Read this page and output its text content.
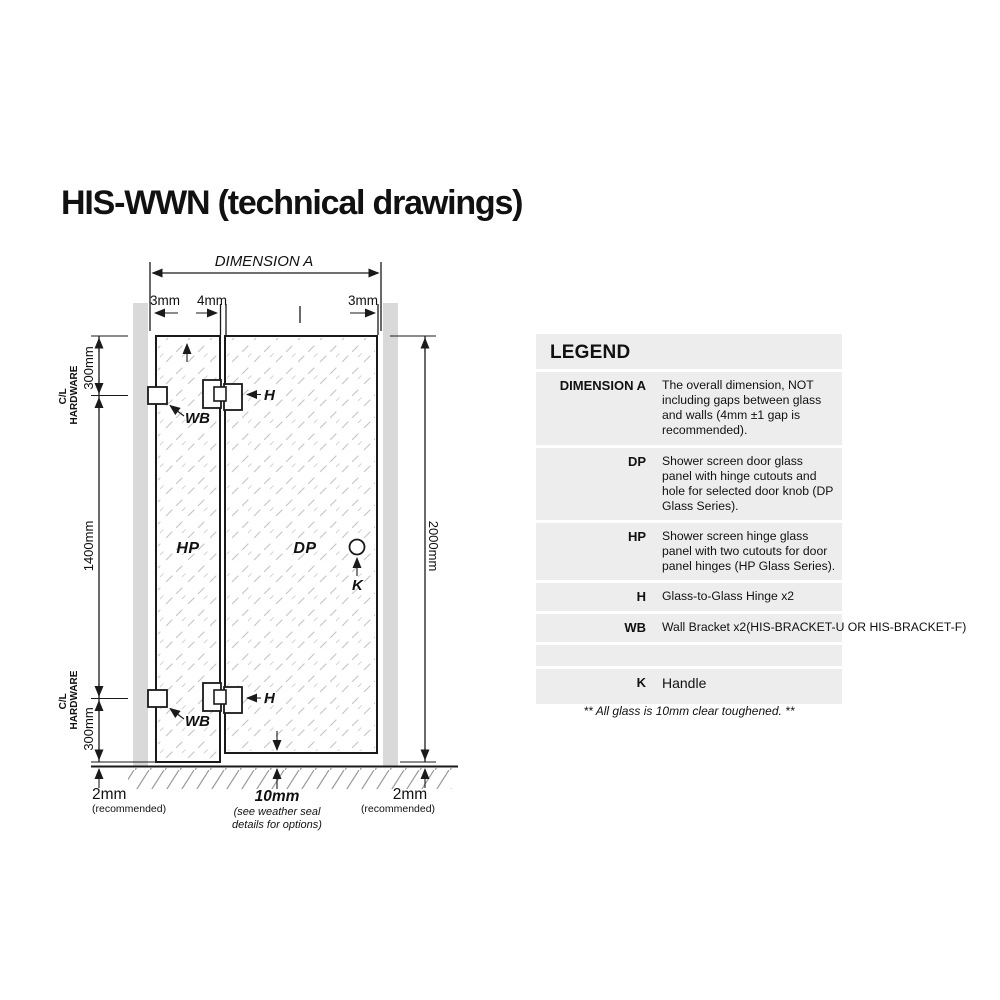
HIS-WWN (technical drawings)
HP	DP
DIMENSION A
3mm 4mm	3mm
C/L HARDWARE 300mm
1400mm
C/L HARDWARE 300mm
2000mm
WB
WB
H
H
K
2mm
(recommended)
10mm
(see weather seal
details for options)
2mm
(recommended)
LEGEND
DIMENSION A The overall dimension, NOT including gaps between glass and walls (4mm ±1 gap is recommended).
DP Shower screen door glass panel with hinge cutouts and hole for selected door knob (DP Glass Series).
HP Shower screen hinge glass panel with two cutouts for door panel hinges (HP Glass Series).
H Glass-to-Glass Hinge x2
WB Wall Bracket x2(HIS-BRACKET-U OR HIS-BRACKET-F)
K Handle
** All glass is 10mm clear toughened. **
